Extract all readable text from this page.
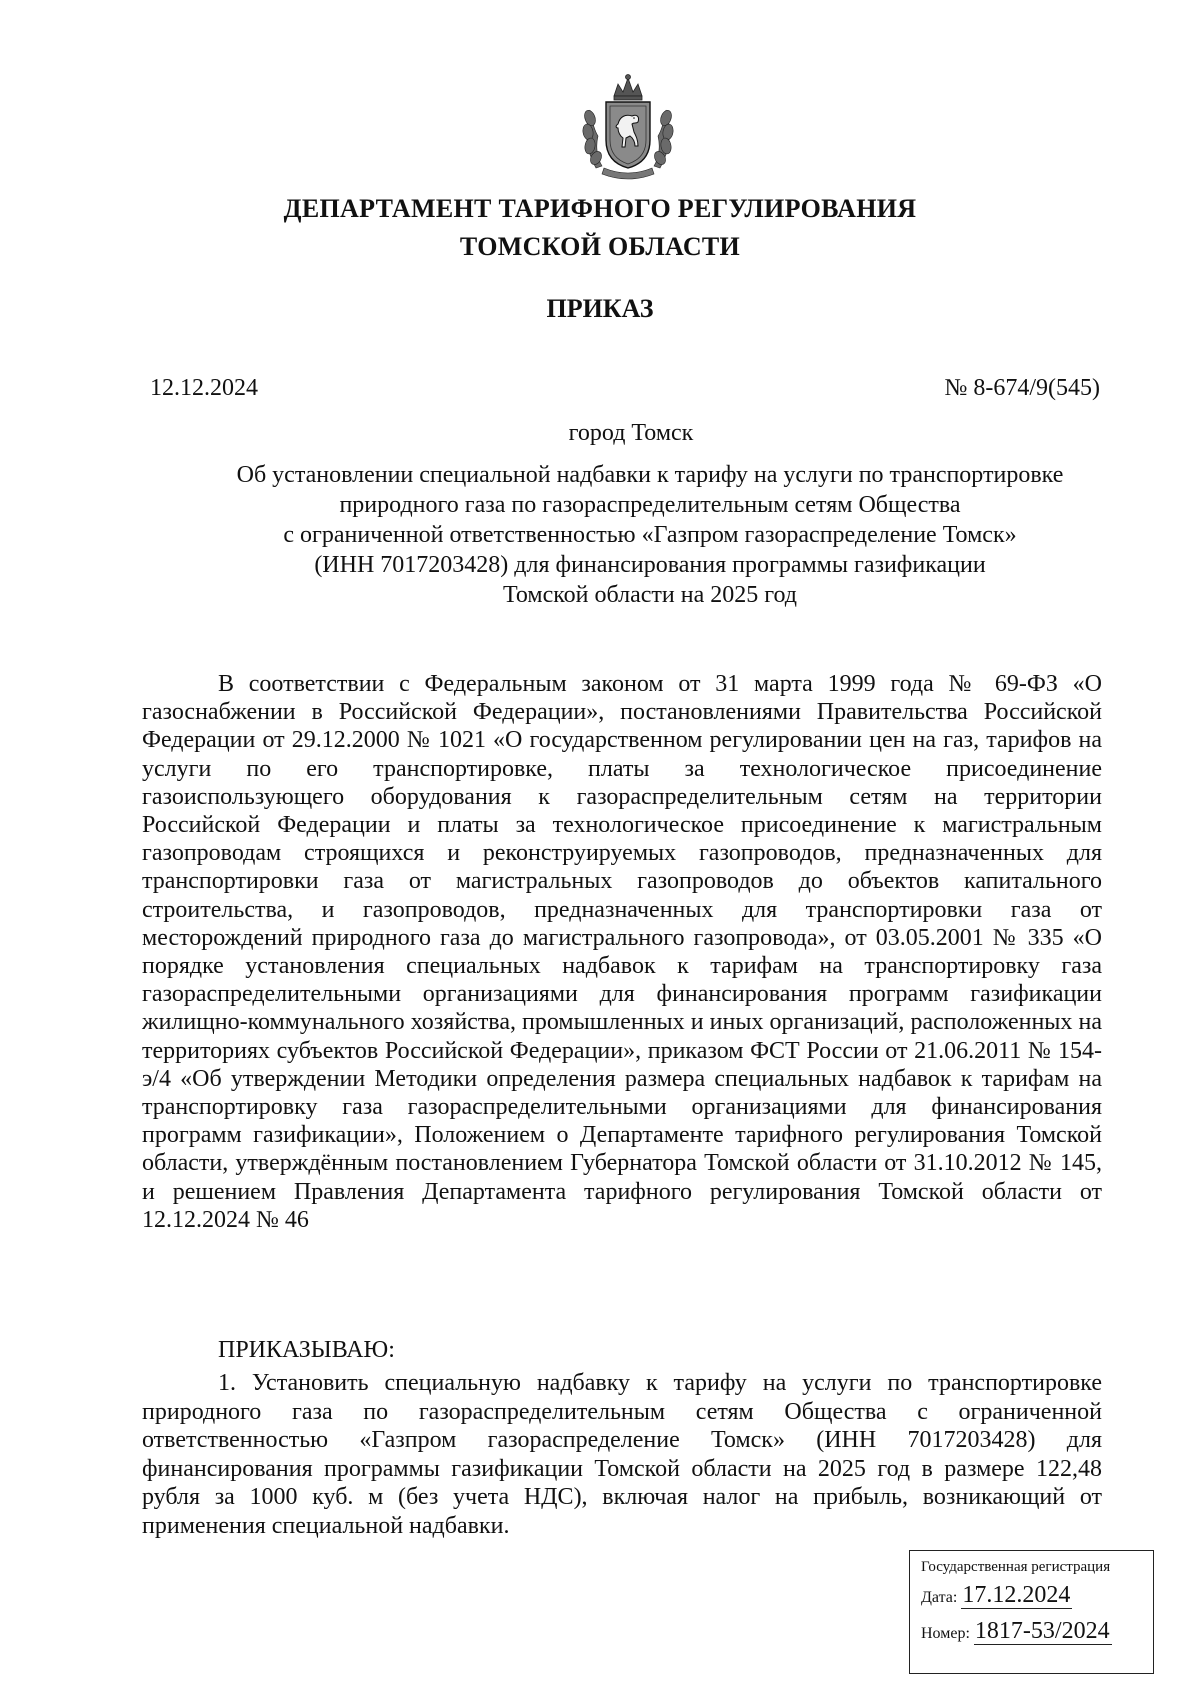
ДЕПАРТАМЕНТ ТАРИФНОГО РЕГУЛИРОВАНИЯ
ТОМСКОЙ ОБЛАСТИ
ПРИКАЗ
12.12.2024	№ 8-674/9(545)
город Томск
Об установлении специальной надбавки к тарифу на услуги по транспортировке
природного газа по газораспределительным сетям Общества
с ограниченной ответственностью «Газпром газораспределение Томск»
(ИНН 7017203428) для финансирования программы газификации
Томской области на 2025 год

В соответствии с Федеральным законом от 31 марта 1999 года № 69-ФЗ «О газоснабжении в Российской Федерации», постановлениями Правительства Российской Федерации от 29.12.2000 № 1021 «О государственном регулировании цен на газ, тарифов на услуги по его транспортировке, платы за технологическое присоединение газоиспользующего оборудования к газораспределительным сетям на территории Российской Федерации и платы за технологическое присоединение к магистральным газопроводам строящихся и реконструируемых газопроводов, предназначенных для транспортировки газа от магистральных газопроводов до объектов капитального строительства, и газопроводов, предназначенных для транспортировки газа от месторождений природного газа до магистрального газопровода», от 03.05.2001 № 335 «О порядке установления специальных надбавок к тарифам на транспортировку газа газораспределительными организациями для финансирования программ газификации жилищно-коммунального хозяйства, промышленных и иных организаций, расположенных на территориях субъектов Российской Федерации», приказом ФСТ России от 21.06.2011 № 154-э/4 «Об утверждении Методики определения размера специальных надбавок к тарифам на транспортировку газа газораспределительными организациями для финансирования программ газификации», Положением о Департаменте тарифного регулирования Томской области, утверждённым постановлением Губернатора Томской области от 31.10.2012 № 145, и решением Правления Департамента тарифного регулирования Томской области от 12.12.2024 № 46

ПРИКАЗЫВАЮ:

1. Установить специальную надбавку к тарифу на услуги по транспортировке природного газа по газораспределительным сетям Общества с ограниченной ответственностью «Газпром газораспределение Томск» (ИНН 7017203428) для финансирования программы газификации Томской области на 2025 год в размере 122,48 рубля за 1000 куб. м (без учета НДС), включая налог на прибыль, возникающий от применения специальной надбавки.

Государственная регистрация
Дата: 17.12.2024
Номер: 1817-53/2024
